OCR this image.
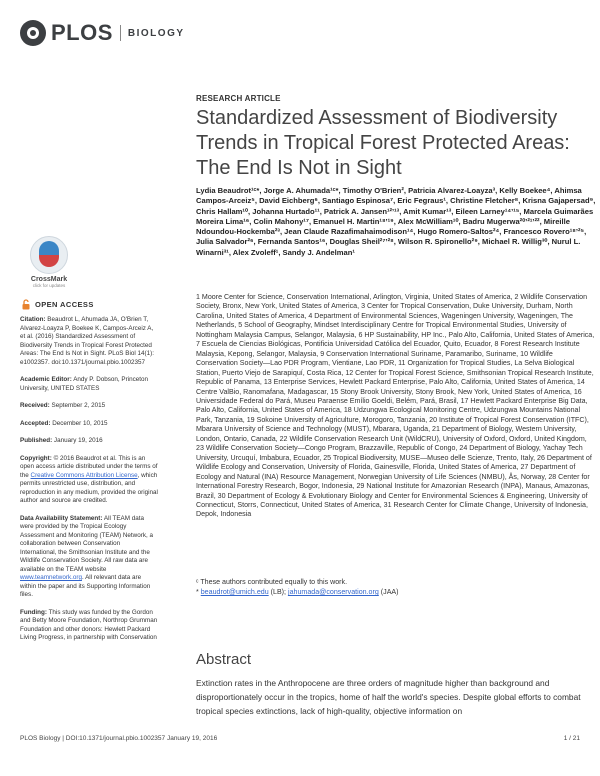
PLOS BIOLOGY
RESEARCH ARTICLE
Standardized Assessment of Biodiversity
Trends in Tropical Forest Protected Areas:
The End Is Not in Sight
Lydia Beaudrot¹ᶜ*, Jorge A. Ahumada¹ᶜ*, Timothy O'Brien², Patricia Alvarez-Loayza³, Kelly Boekee⁴, Ahimsa Campos-Arceiz⁵, David Eichberg⁶, Santiago Espinosa⁷, Eric Fegraus¹, Christine Fletcher⁸, Krisna Gajapersad⁹, Chris Hallam¹⁰, Johanna Hurtado¹¹, Patrick A. Jansen¹²ʼ¹³, Amit Kumar¹³, Eileen Larney¹⁴ʼ¹⁵, Marcela Guimarães Moreira Lima¹⁶, Colin Mahony¹⁷, Emanuel H. Martin¹⁸ʼ¹⁹, Alex McWilliam¹⁰, Badru Mugerwa²⁰ʼ²¹ʼ²², Mireille Ndoundou-Hockemba²³, Jean Claude Razafimahaimodison¹⁴, Hugo Romero-Saltos²⁴, Francesco Rovero¹⁸ʼ²⁵, Julia Salvador²⁶, Fernanda Santos¹⁶, Douglas Sheil²⁷ʼ²⁸, Wilson R. Spironello²⁹, Michael R. Willig³⁰, Nurul L. Winarni³¹, Alex Zvoleff¹, Sandy J. Andelman¹
1 Moore Center for Science, Conservation International, Arlington, Virginia, United States of America, 2 Wildlife Conservation Society, Bronx, New York, United States of America, 3 Center for Tropical Conservation, Duke University, Durham, North Carolina, United States of America, 4 Department of Environmental Sciences, Wageningen University, Wageningen, The Netherlands, 5 School of Geography, Mindset Interdisciplinary Centre for Tropical Environmental Studies, University of Nottingham Malaysia Campus, Selangor, Malaysia, 6 HP Sustainability, HP Inc., Palo Alto, California, United States of America, 7 Escuela de Ciencias Biológicas, Pontificia Universidad Católica del Ecuador, Quito, Ecuador, 8 Forest Research Institute Malaysia, Kepong, Selangor, Malaysia, 9 Conservation International Suriname, Paramaribo, Suriname, 10 Wildlife Conservation Society—Lao PDR Program, Vientiane, Lao PDR, 11 Organization for Tropical Studies, La Selva Biological Station, Puerto Viejo de Sarapiquí, Costa Rica, 12 Center for Tropical Forest Science, Smithsonian Tropical Research Institute, Republic of Panama, 13 Enterprise Services, Hewlett Packard Enterprise, Palo Alto, California, United States of America, 14 Centre ValBio, Ranomafana, Madagascar, 15 Stony Brook University, Stony Brook, New York, United States of America, 16 Universidade Federal do Pará, Museu Paraense Emílio Goeldi, Belém, Pará, Brasil, 17 Hewlett Packard Enterprise Big Data, Palo Alto, California, United States of America, 18 Udzungwa Ecological Monitoring Centre, Udzungwa Mountains National Park, Tanzania, 19 Sokoine University of Agriculture, Morogoro, Tanzania, 20 Institute of Tropical Forest Conservation (ITFC), Mbarara University of Science and Technology (MUST), Mbarara, Uganda, 21 Department of Biology, Western University, London, Ontario, Canada, 22 Wildlife Conservation Research Unit (WildCRU), University of Oxford, Oxford, United Kingdom, 23 Wildlife Conservation Society—Congo Program, Brazzaville, Republic of Congo, 24 Department of Biology, Yachay Tech University, Urcuquí, Imbabura, Ecuador, 25 Tropical Biodiversity, MUSE—Museo delle Scienze, Trento, Italy, 26 Department of Wildlife Ecology and Conservation, University of Florida, Gainesville, Florida, United States of America, 27 Department of Ecology and Natural (INA) Resource Management, Norwegian University of Life Sciences (NMBU), Ås, Norway, 28 Center for International Forestry Research, Bogor, Indonesia, 29 National Institute for Amazonian Research (INPA), Manaus, Amazonas, Brazil, 30 Department of Ecology & Evolutionary Biology and Center for Environmental Sciences & Engineering, University of Connecticut, Storrs, Connecticut, United States of America, 31 Research Center for Climate Change, University of Indonesia, Depok, Indonesia
ᶜ These authors contributed equally to this work.
* beaudrot@umich.edu (LB); jahumada@conservation.org (JAA)
CrossMark
click for updates
OPEN ACCESS

Citation: Beaudrot L, Ahumada JA, O'Brien T, Alvarez-Loayza P, Boekee K, Campos-Arceiz A, et al. (2016) Standardized Assessment of Biodiversity Trends in Tropical Forest Protected Areas: The End Is Not in Sight. PLoS Biol 14(1): e1002357. doi:10.1371/journal.pbio.1002357

Academic Editor: Andy P. Dobson, Princeton University, UNITED STATES

Received: September 2, 2015

Accepted: December 10, 2015

Published: January 19, 2016

Copyright: © 2016 Beaudrot et al. This is an open access article distributed under the terms of the Creative Commons Attribution License, which permits unrestricted use, distribution, and reproduction in any medium, provided the original author and source are credited.

Data Availability Statement: All TEAM data were provided by the Tropical Ecology Assessment and Monitoring (TEAM) Network, a collaboration between Conservation International, the Smithsonian Institute and the Wildlife Conservation Society. All raw data are available on the TEAM website www.teamnetwork.org. All relevant data are within the paper and its Supporting Information files.

Funding: This study was funded by the Gordon and Betty Moore Foundation, Northrop Grumman Foundation and other donors: Hewlett Packard Living Progress, in partnership with Conservation

Abstract
Extinction rates in the Anthropocene are three orders of magnitude higher than background and disproportionately occur in the tropics, home of half the world's species. Despite global efforts to combat tropical species extinctions, lack of high-quality, objective information on
PLOS Biology | DOI:10.1371/journal.pbio.1002357 January 19, 2016	1 / 21
